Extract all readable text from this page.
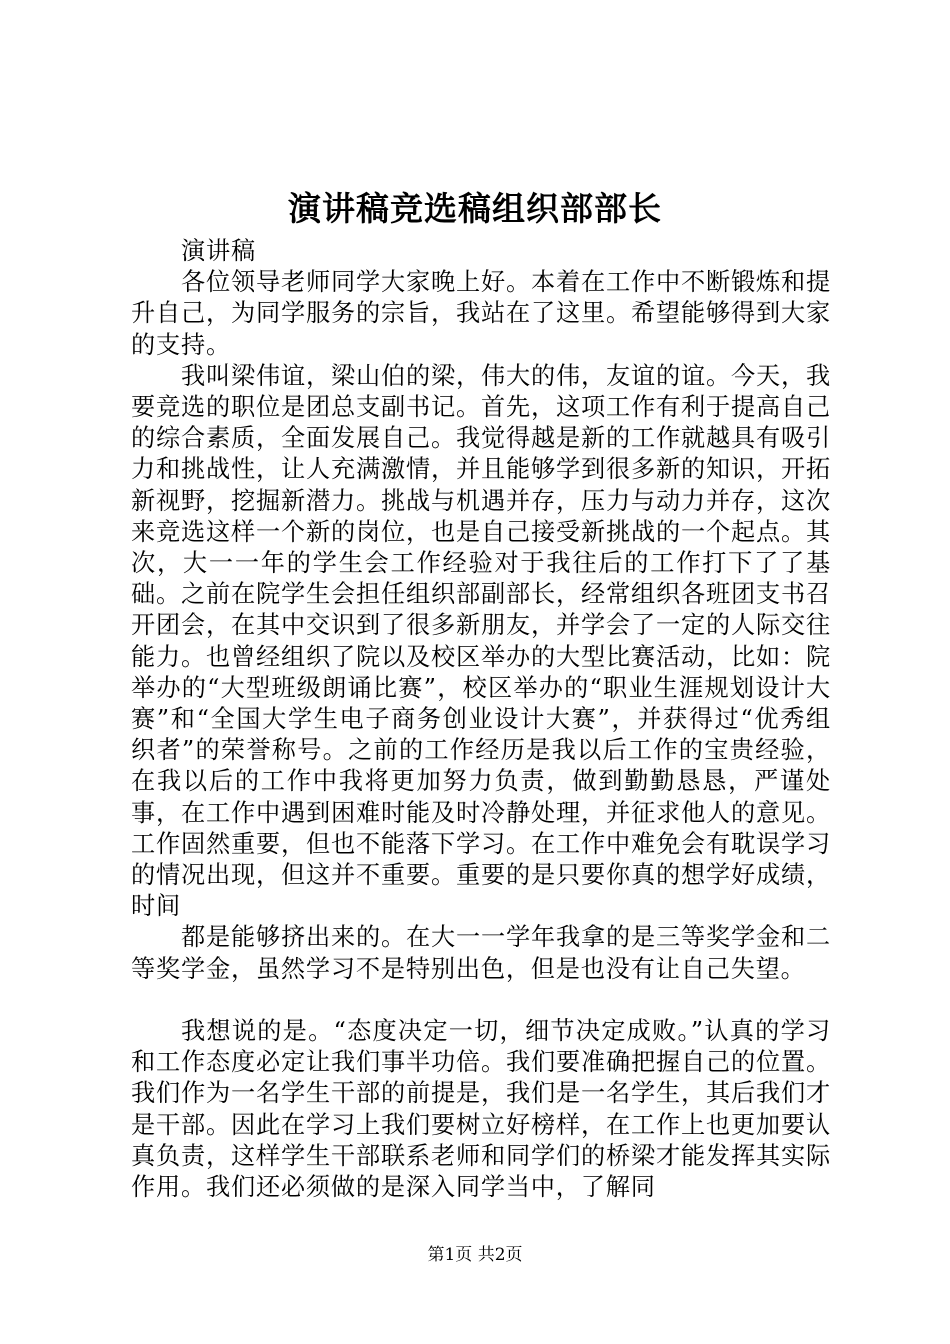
演讲稿竞选稿组织部部长

演讲稿

各位领导老师同学大家晚上好。本着在工作中不断锻炼和提升自己，为同学服务的宗旨，我站在了这里。希望能够得到大家的支持。

我叫梁伟谊，梁山伯的梁，伟大的伟，友谊的谊。今天，我要竞选的职位是团总支副书记。首先，这项工作有利于提高自己的综合素质，全面发展自己。我觉得越是新的工作就越具有吸引力和挑战性，让人充满激情，并且能够学到很多新的知识，开拓新视野，挖掘新潜力。挑战与机遇并存，压力与动力并存，这次来竞选这样一个新的岗位，也是自己接受新挑战的一个起点。其次，大一一年的学生会工作经验对于我往后的工作打下了了基础。之前在院学生会担任组织部副部长，经常组织各班团支书召开团会，在其中交识到了很多新朋友，并学会了一定的人际交往能力。也曾经组织了院以及校区举办的大型比赛活动，比如：院举办的“大型班级朗诵比赛”，校区举办的“职业生涯规划设计大赛”和“全国大学生电子商务创业设计大赛”，并获得过“优秀组织者”的荣誉称号。之前的工作经历是我以后工作的宝贵经验，在我以后的工作中我将更加努力负责，做到勤勤恳恳，严谨处事，在工作中遇到困难时能及时冷静处理，并征求他人的意见。工作固然重要，但也不能落下学习。在工作中难免会有耽误学习的情况出现，但这并不重要。重要的是只要你真的想学好成绩，时间

都是能够挤出来的。在大一一学年我拿的是三等奖学金和二等奖学金，虽然学习不是特别出色，但是也没有让自己失望。

我想说的是。“态度决定一切，细节决定成败。”认真的学习和工作态度必定让我们事半功倍。我们要准确把握自己的位置。我们作为一名学生干部的前提是，我们是一名学生，其后我们才是干部。因此在学习上我们要树立好榜样，在工作上也更加要认真负责，这样学生干部联系老师和同学们的桥梁才能发挥其实际作用。我们还必须做的是深入同学当中，了解同

第1页 共2页
